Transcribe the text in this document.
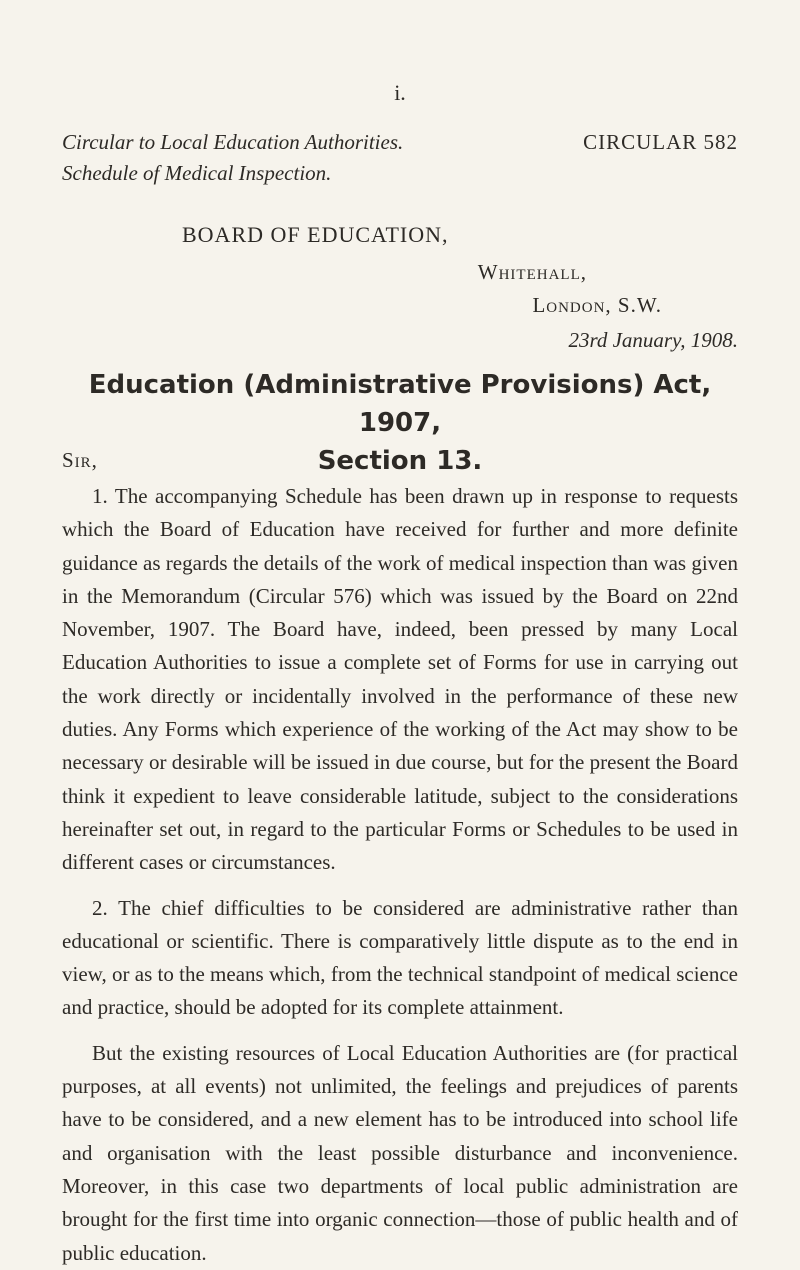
i.
Circular to Local Education Authorities.	CIRCULAR 582
Schedule of Medical Inspection.
BOARD OF EDUCATION,
Whitehall,
London, S.W.
23rd January, 1908.
Education (Administrative Provisions) Act, 1907,
Section 13.
Sir,

1. The accompanying Schedule has been drawn up in response to requests which the Board of Education have received for further and more definite guidance as regards the details of the work of medical inspection than was given in the Memorandum (Circular 576) which was issued by the Board on 22nd November, 1907. The Board have, indeed, been pressed by many Local Education Authorities to issue a complete set of Forms for use in carrying out the work directly or incidentally involved in the performance of these new duties. Any Forms which experience of the working of the Act may show to be necessary or desirable will be issued in due course, but for the present the Board think it expedient to leave considerable latitude, subject to the considerations hereinafter set out, in regard to the particular Forms or Schedules to be used in different cases or circumstances.

2. The chief difficulties to be considered are administrative rather than educational or scientific. There is comparatively little dispute as to the end in view, or as to the means which, from the technical standpoint of medical science and practice, should be adopted for its complete attainment.

But the existing resources of Local Education Authorities are (for practical purposes, at all events) not unlimited, the feelings and prejudices of parents have to be considered, and a new element has to be introduced into school life and organisation with the least possible disturbance and inconvenience. Moreover, in this case two departments of local public administration are brought for the first time into organic connection—those of public health and of public education.
